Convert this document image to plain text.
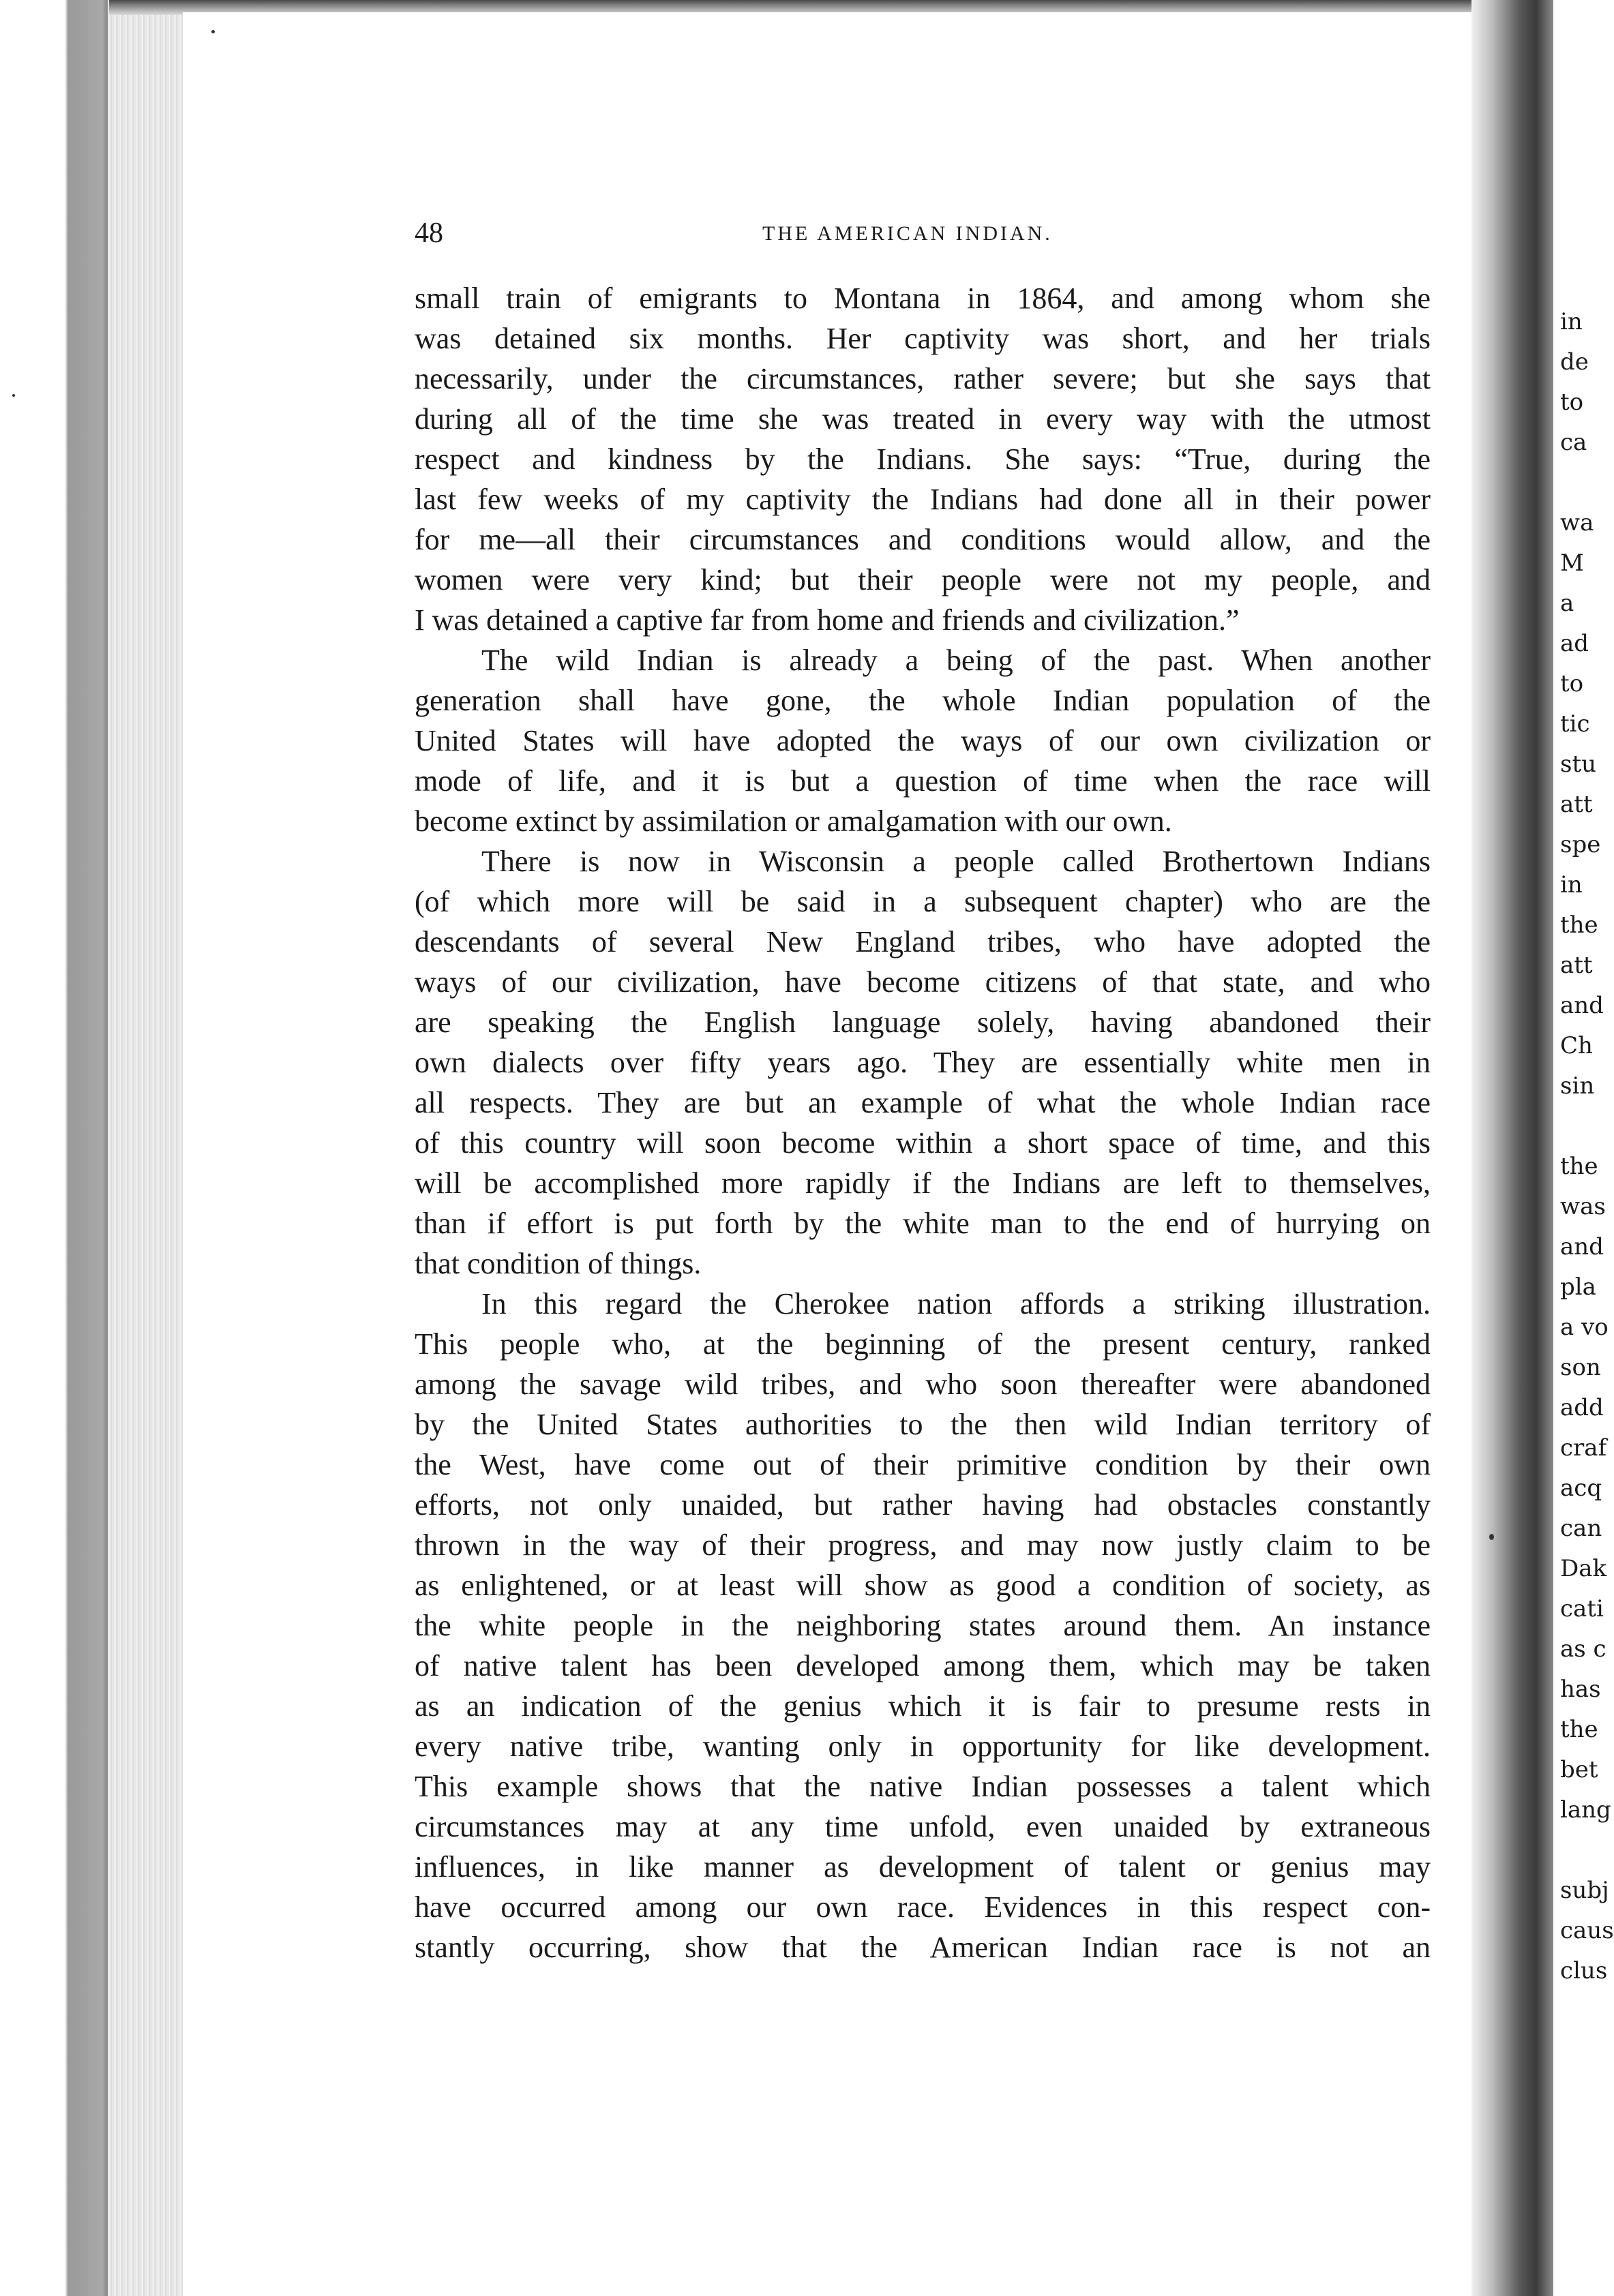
48	THE AMERICAN INDIAN.
small train of emigrants to Montana in 1864, and among whom she
was detained six months. Her captivity was short, and her trials
necessarily, under the circumstances, rather severe; but she says that
during all of the time she was treated in every way with the utmost
respect and kindness by the Indians. She says: “True, during the
last few weeks of my captivity the Indians had done all in their power
for me—all their circumstances and conditions would allow, and the
women were very kind; but their people were not my people, and
I was detained a captive far from home and friends and civilization.”
The wild Indian is already a being of the past. When another
generation shall have gone, the whole Indian population of the
United States will have adopted the ways of our own civilization or
mode of life, and it is but a question of time when the race will
become extinct by assimilation or amalgamation with our own.
There is now in Wisconsin a people called Brothertown Indians
(of which more will be said in a subsequent chapter) who are the
descendants of several New England tribes, who have adopted the
ways of our civilization, have become citizens of that state, and who
are speaking the English language solely, having abandoned their
own dialects over fifty years ago. They are essentially white men in
all respects. They are but an example of what the whole Indian race
of this country will soon become within a short space of time, and this
will be accomplished more rapidly if the Indians are left to themselves,
than if effort is put forth by the white man to the end of hurrying on
that condition of things.
In this regard the Cherokee nation affords a striking illustration.
This people who, at the beginning of the present century, ranked
among the savage wild tribes, and who soon thereafter were abandoned
by the United States authorities to the then wild Indian territory of
the West, have come out of their primitive condition by their own
efforts, not only unaided, but rather having had obstacles constantly
thrown in the way of their progress, and may now justly claim to be
as enlightened, or at least will show as good a condition of society, as
the white people in the neighboring states around them. An instance
of native talent has been developed among them, which may be taken
as an indication of the genius which it is fair to presume rests in
every native tribe, wanting only in opportunity for like development.
This example shows that the native Indian possesses a talent which
circumstances may at any time unfold, even unaided by extraneous
influences, in like manner as development of talent or genius may
have occurred among our own race. Evidences in this respect con-
stantly occurring, show that the American Indian race is not an
in
de
to
ca
wa
M
a
ad
to
tic
stu
att
spe
in
the
att
and
Ch
sin
the
was
and
pla
a vo
son
add
craf
acq
can
Dak
cati
as c
has
the
bet
lang
subj
caus
clus
